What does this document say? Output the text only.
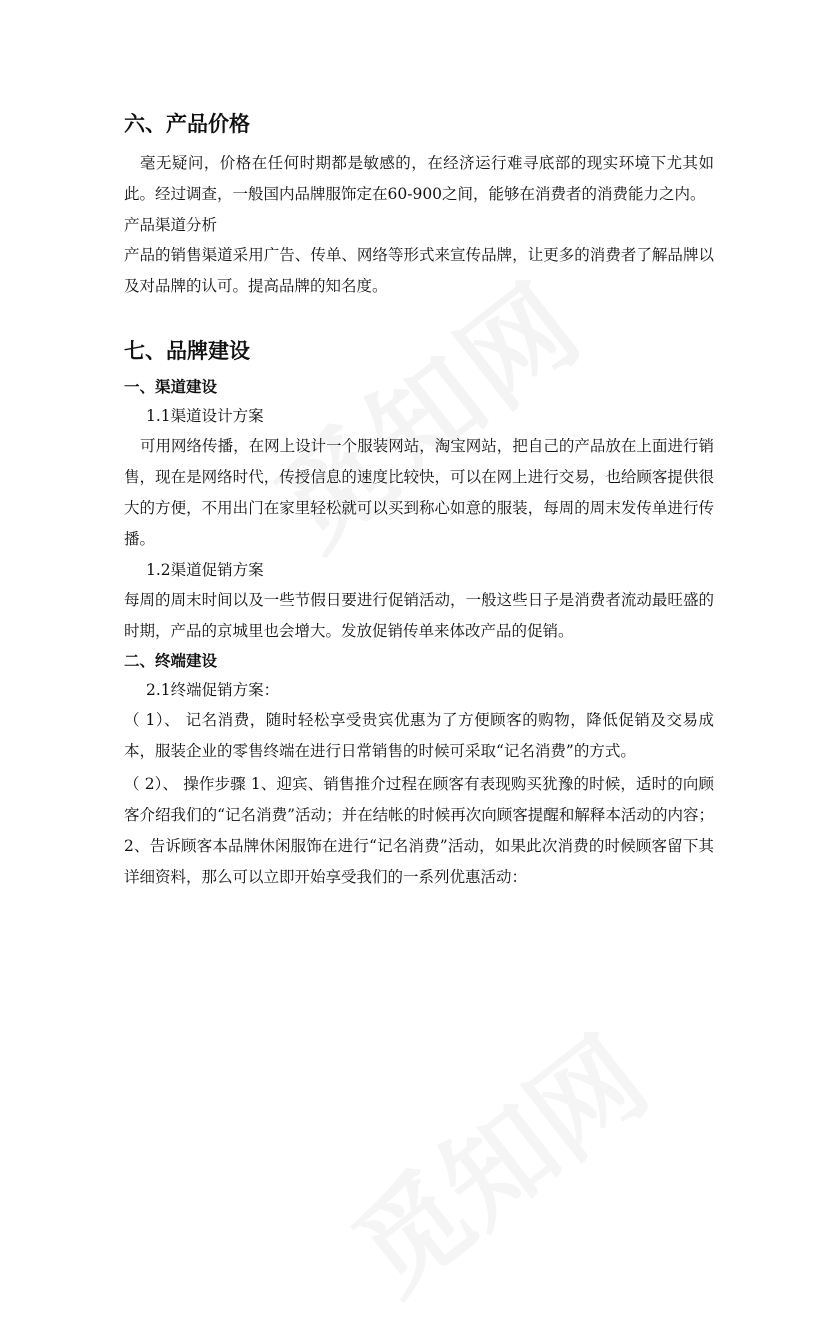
六、产品价格

毫无疑问，价格在任何时期都是敏感的，在经济运行难寻底部的现实环境下尤其如此。经过调查，一般国内品牌服饰定在60-900之间，能够在消费者的消费能力之内。

产品渠道分析

产品的销售渠道采用广告、传单、网络等形式来宣传品牌，让更多的消费者了解品牌以及对品牌的认可。提高品牌的知名度。

七、品牌建设
一、渠道建设

1.1渠道设计方案

可用网络传播，在网上设计一个服装网站，淘宝网站，把自己的产品放在上面进行销售，现在是网络时代，传授信息的速度比较快，可以在网上进行交易，也给顾客提供很大的方便，不用出门在家里轻松就可以买到称心如意的服装，每周的周末发传单进行传播。

1.2渠道促销方案

每周的周末时间以及一些节假日要进行促销活动，一般这些日子是消费者流动最旺盛的时期，产品的京城里也会增大。发放促销传单来体改产品的促销。

二、终端建设

2.1终端促销方案：

（ 1）、 记名消费，随时轻松享受贵宾优惠为了方便顾客的购物，降低促销及交易成本，服装企业的零售终端在进行日常销售的时候可采取“记名消费”的方式。

（ 2）、 操作步骤 1、迎宾、销售推介过程在顾客有表现购买犹豫的时候，适时的向顾客介绍我们的“记名消费”活动；并在结帐的时候再次向顾客提醒和解释本活动的内容； 2、告诉顾客本品牌休闲服饰在进行“记名消费”活动，如果此次消费的时候顾客留下其详细资料，那么可以立即开始享受我们的一系列优惠活动：
